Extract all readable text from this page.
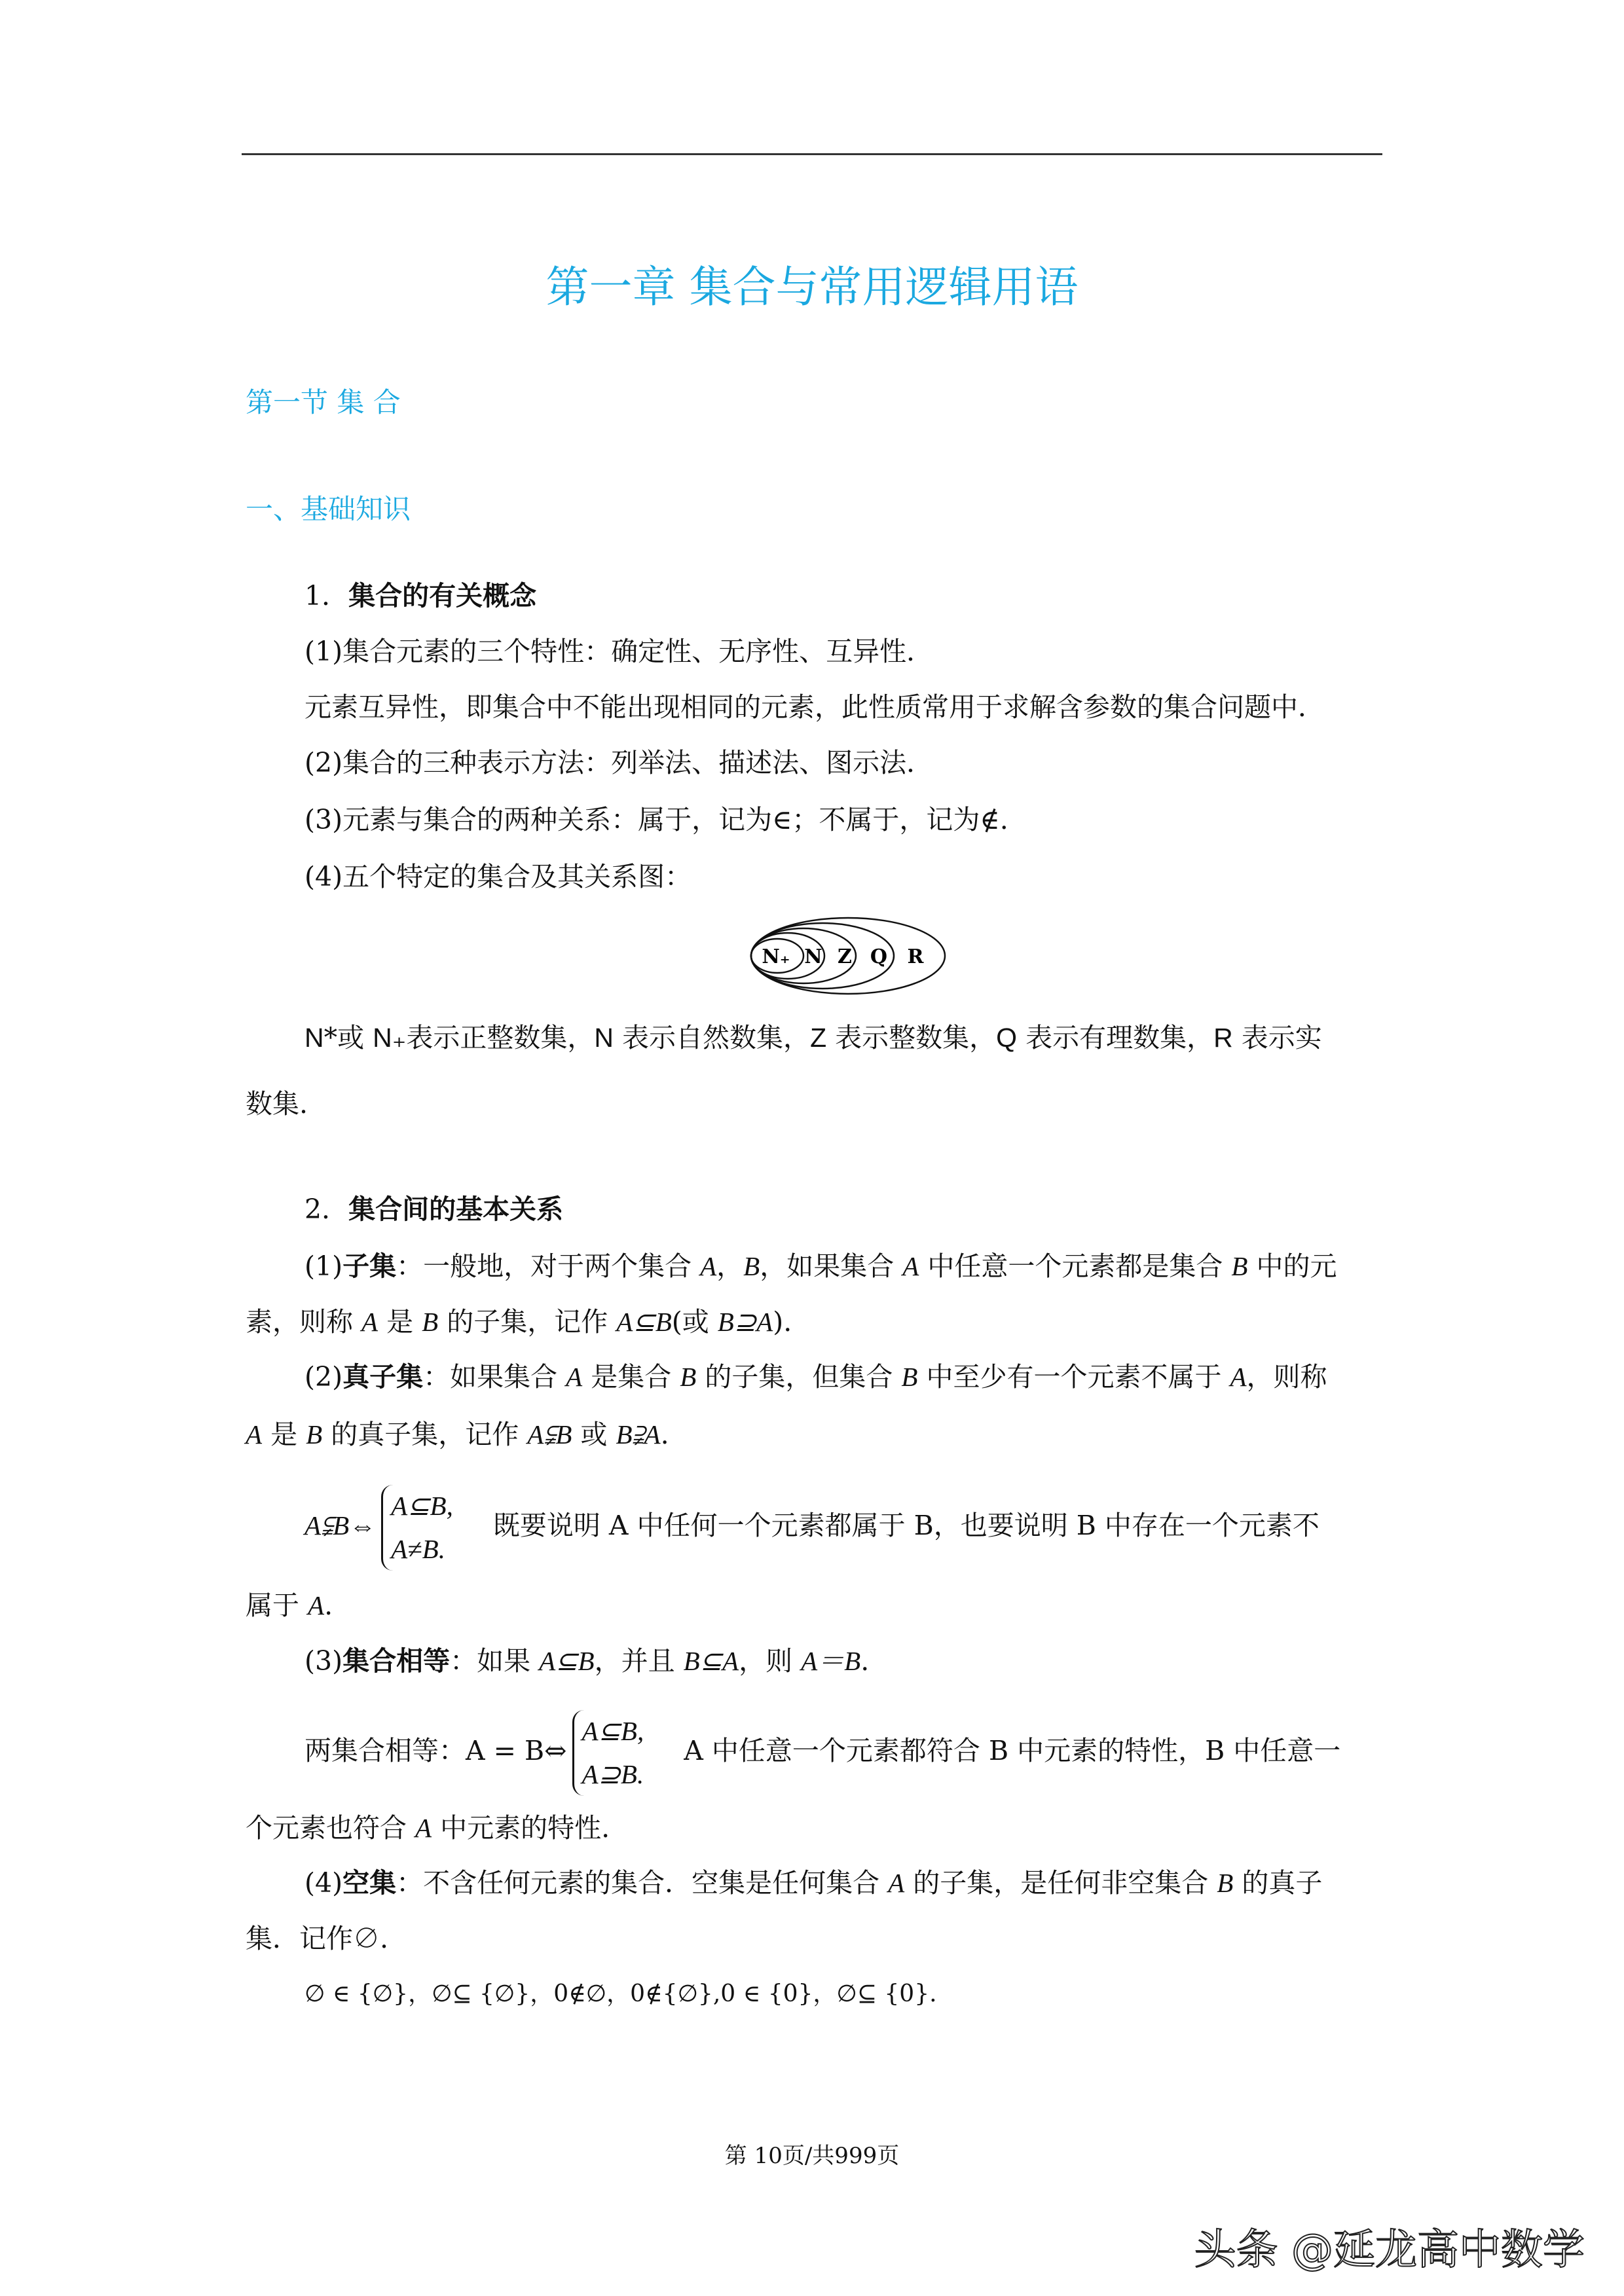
第一章 集合与常用逻辑用语
第一节 集 合
一、基础知识
1．集合的有关概念
(1)集合元素的三个特性：确定性、无序性、互异性．
元素互异性，即集合中不能出现相同的元素，此性质常用于求解含参数的集合问题中．
(2)集合的三种表示方法：列举法、描述法、图示法．
(3)元素与集合的两种关系：属于，记为∈；不属于，记为∉.
(4)五个特定的集合及其关系图：
N*或 N₊表示正整数集，N 表示自然数集，Z 表示整数集，Q 表示有理数集，R 表示实
数集.
2．集合间的基本关系
(1)子集：一般地，对于两个集合 A，B，如果集合 A 中任意一个元素都是集合 B 中的元
素，则称 A 是 B 的子集，记作 A⊆B(或 B⊇A).
(2)真子集：如果集合 A 是集合 B 的子集，但集合 B 中至少有一个元素不属于 A，则称
A 是 B 的真子集，记作 A⫋B 或 B⫌A.
属于 A.
(3)集合相等：如果 A⊆B，并且 B⊆A，则 A＝B.
个元素也符合 A 中元素的特性.
(4)空集：不含任何元素的集合．空集是任何集合 A 的子集，是任何非空集合 B 的真子
集．记作∅.
∅ ∈ {∅}，∅⊆ {∅}，0∉∅，0∉{∅},0 ∈ {0}，∅⊆ {0}.
N₊ N Z Q R
A⫋B⇔A⊆B,
A≠B. 既要说明 A 中任何一个元素都属于 B，也要说明 B 中存在一个元素不
两集合相等：A = B⇔A⊆B,
A⊇B. A 中任意一个元素都符合 B 中元素的特性，B 中任意一
第 10页/共999页
头条 @延龙高中数学
